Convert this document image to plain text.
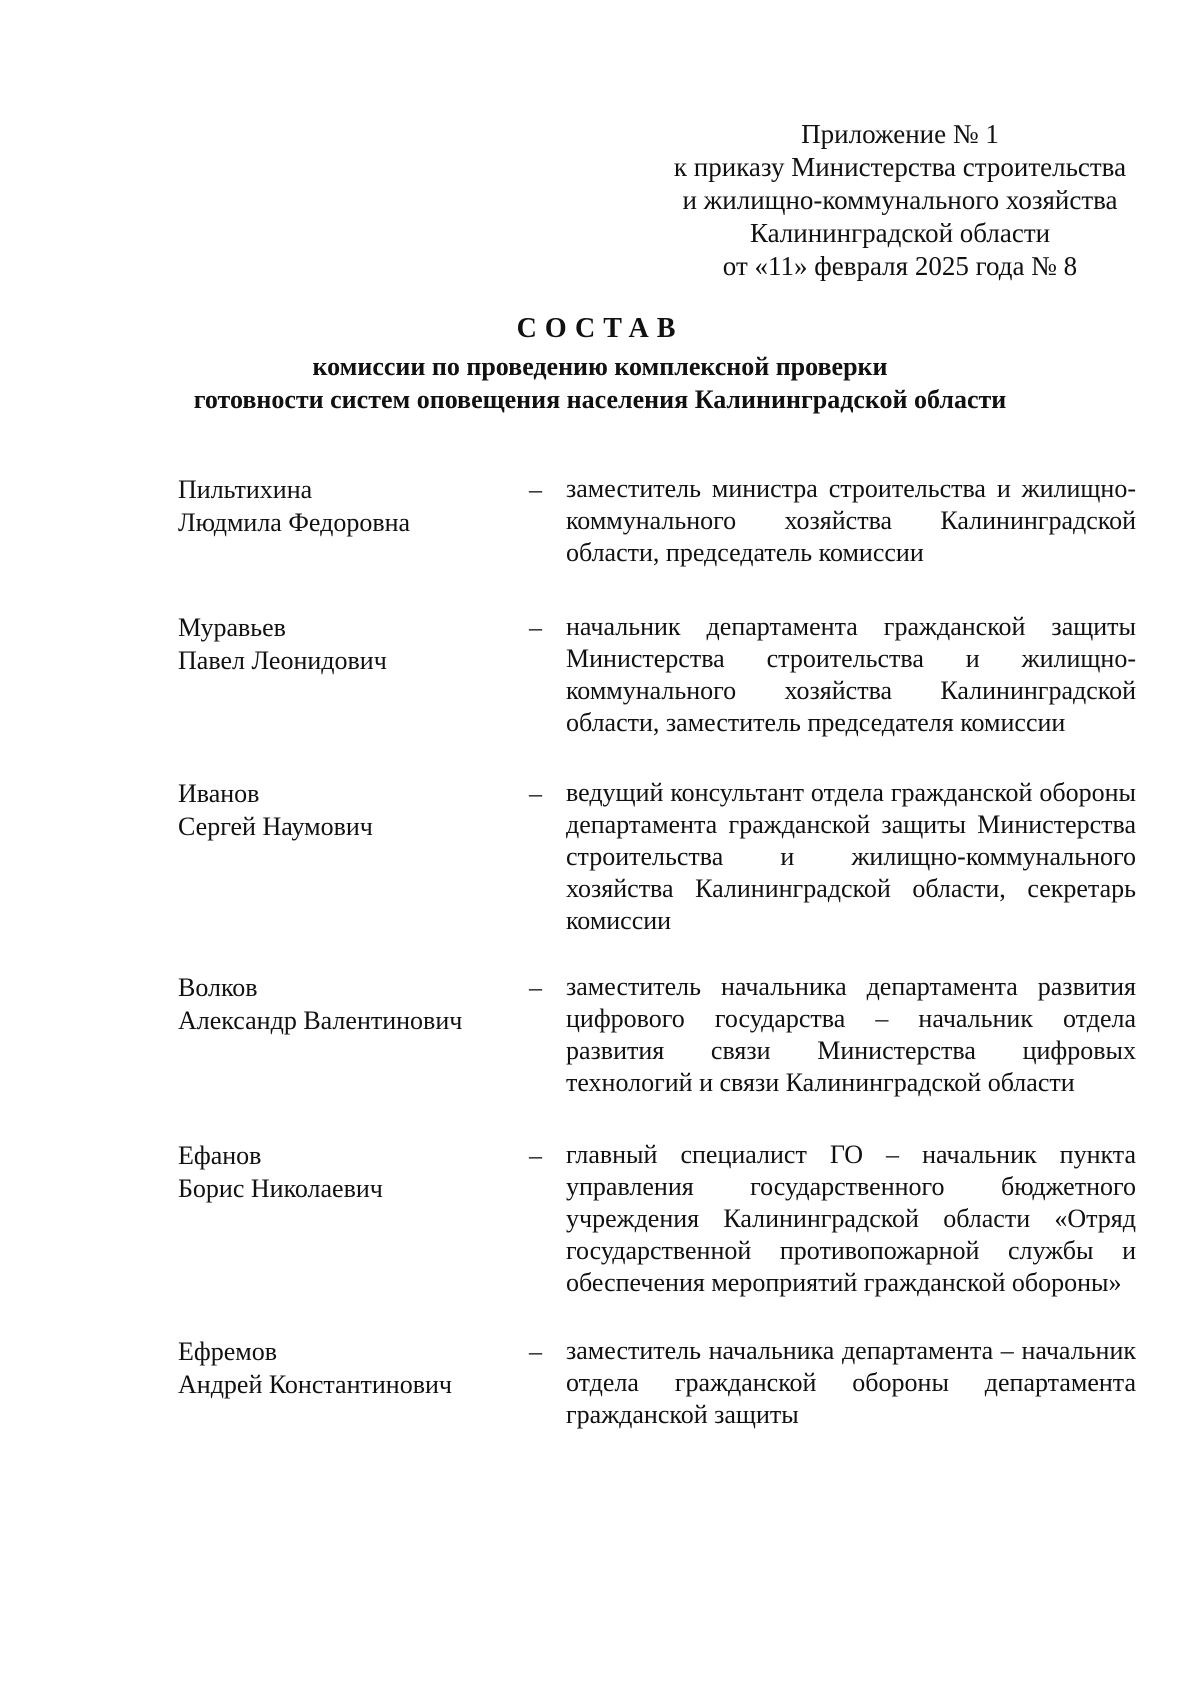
Приложение № 1
к приказу Министерства строительства
и жилищно-коммунального хозяйства
Калининградской области
от «11» февраля 2025 года № 8
СОСТАВ
комиссии по проведению комплексной проверки
готовности систем оповещения населения Калининградской области
Пильтихина
Людмила Федоровна
– заместитель министра строительства и жилищно-коммунального хозяйства Калининградской области, председатель комиссии
Муравьев
Павел Леонидович
– начальник департамента гражданской защиты Министерства строительства и жилищно-коммунального хозяйства Калининградской области, заместитель председателя комиссии
Иванов
Сергей Наумович
– ведущий консультант отдела гражданской обороны департамента гражданской защиты Министерства строительства и жилищно-коммунального хозяйства Калининградской области, секретарь комиссии
Волков
Александр Валентинович
– заместитель начальника департамента развития цифрового государства – начальник отдела развития связи Министерства цифровых технологий и связи Калининградской области
Ефанов
Борис Николаевич
– главный специалист ГО – начальник пункта управления государственного бюджетного учреждения Калининградской области «Отряд государственной противопожарной службы и обеспечения мероприятий гражданской обороны»
Ефремов
Андрей Константинович
– заместитель начальника департамента – начальник отдела гражданской обороны департамента гражданской защиты
